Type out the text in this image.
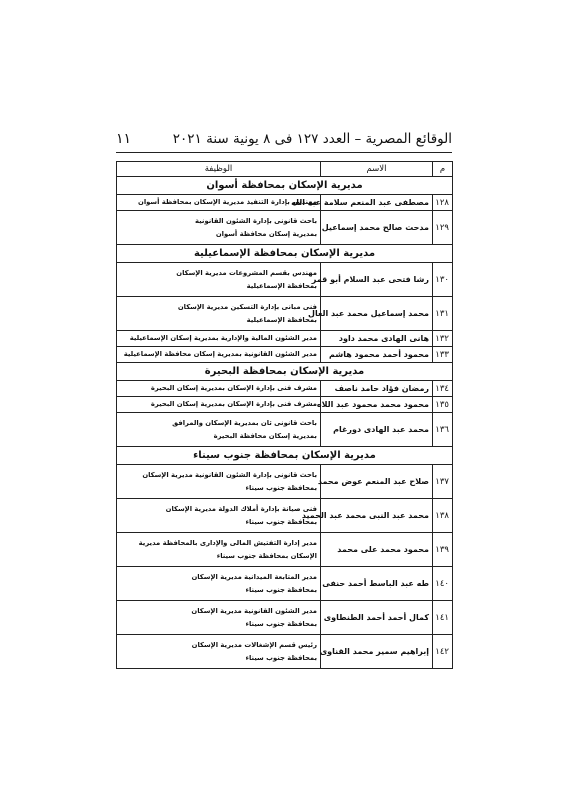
الوقائع المصرية – العدد ١٢٧ فى ٨ يونية سنة ٢٠٢١
١١
م	الاسم	الوظيفة
مديرية الإسكان بمحافظة أسوان		
١٢٨	مصطفى عبد المنعم سلامة عبد الله	مهندس بإدارة التنفيذ مديرية الإسكان بمحافظة أسوان

١٢٩	مدحت صالح محمد إسماعيل	باحث قانونى بإدارة الشئون القانونية
بمديرية إسكان محافظة أسوان

مديرية الإسكان بمحافظة الإسماعيلية		
١٣٠	رشا فتحى عبد السلام أبو قمر	مهندس بقسم المشروعات مديرية الإسكان
بمحافظة الإسماعيلية

١٣١	محمد إسماعيل محمد عبد العال	فنى مبانى بإدارة التسكين مديرية الإسكان
بمحافظة الإسماعيلية

١٣٢	هانى الهادى محمد داود	مدير الشئون المالية والإدارية بمديرية إسكان الإسماعيلية

١٣٣	محمود أحمد محمود هاشم	مدير الشئون القانونية بمديرية إسكان محافظة الإسماعيلية

مديرية الإسكان بمحافظة البحيرة		
١٣٤	رمضان فؤاد حامد ناصف	مشرف فنى بإدارة الإسكان بمديرية إسكان البحيرة

١٣٥	محمود محمد محمود عبد اللاه	مشرف فنى بإدارة الإسكان بمديرية إسكان البحيرة

١٣٦	محمد عبد الهادى دورغام	باحث قانونى ثان بمديرية الإسكان والمرافق
بمديرية إسكان محافظة البحيرة

مديرية الإسكان بمحافظة جنوب سيناء		
١٣٧	صلاح عبد المنعم عوض محمد	باحث قانونى بإدارة الشئون القانونية مديرية الإسكان
بمحافظة جنوب سيناء

١٣٨	محمد عبد النبى محمد عبد الحميد	فنى صيانة بإدارة أملاك الدولة مديرية الإسكان
بمحافظة جنوب سيناء

١٣٩	محمود محمد على محمد	مدير إدارة التفتيش المالى والإدارى بالمحافظة مديرية
الإسكان بمحافظة جنوب سيناء

١٤٠	طه عبد الباسط أحمد حنفى	مدير المتابعة الميدانية مديرية الإسكان
بمحافظة جنوب سيناء

١٤١	كمال أحمد أحمد الطنطاوى	مدير الشئون القانونية مديرية الإسكان
بمحافظة جنوب سيناء

١٤٢	إبراهيم سمير محمد القناوى	رئيس قسم الإشغالات مديرية الإسكان
بمحافظة جنوب سيناء
